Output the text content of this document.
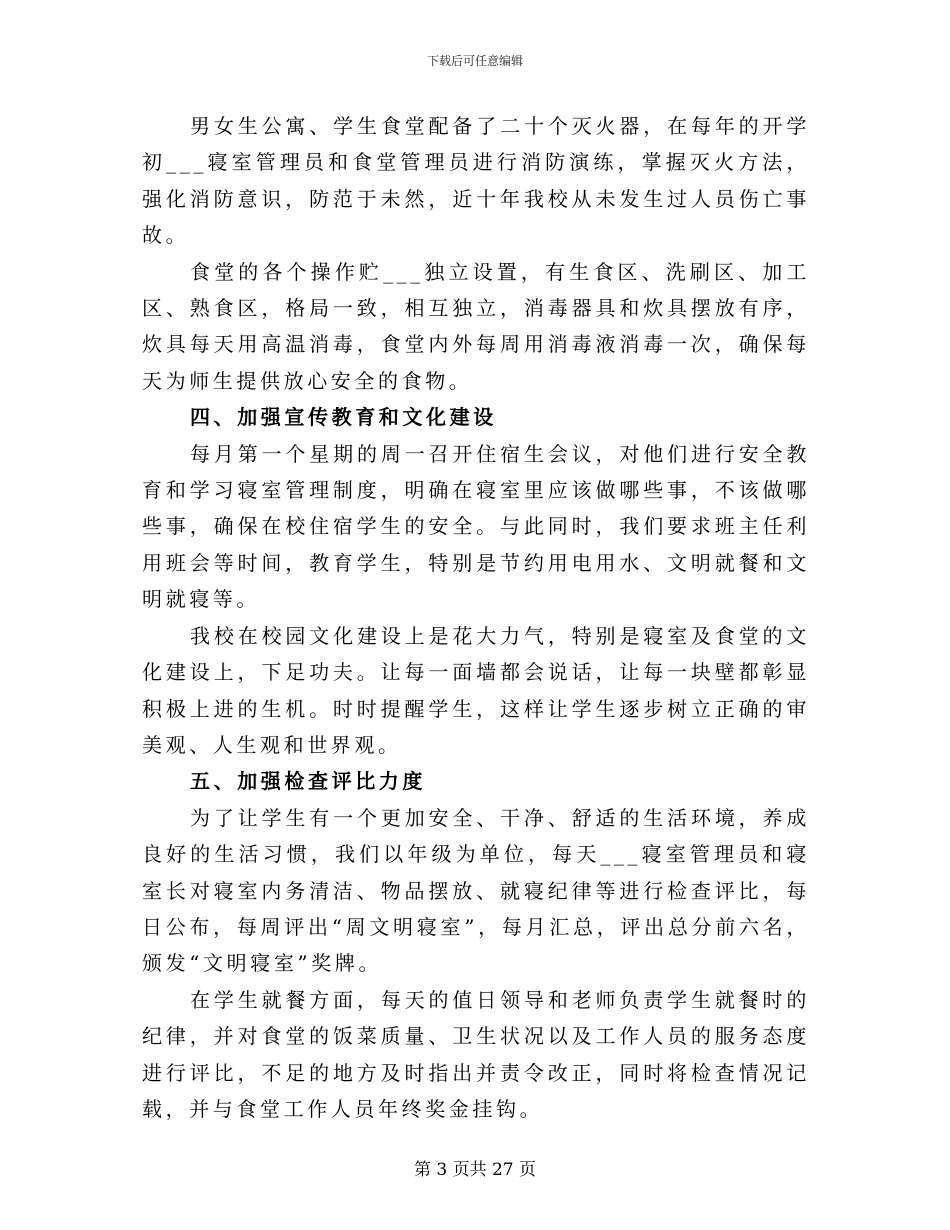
下载后可任意编辑

男女生公寓、学生食堂配备了二十个灭火器，在每年的开学初___寝室管理员和食堂管理员进行消防演练，掌握灭火方法，强化消防意识，防范于未然，近十年我校从未发生过人员伤亡事故。

食堂的各个操作贮___独立设置，有生食区、洗刷区、加工区、熟食区，格局一致，相互独立，消毒器具和炊具摆放有序，炊具每天用高温消毒，食堂内外每周用消毒液消毒一次，确保每天为师生提供放心安全的食物。

四、加强宣传教育和文化建设

每月第一个星期的周一召开住宿生会议，对他们进行安全教育和学习寝室管理制度，明确在寝室里应该做哪些事，不该做哪些事，确保在校住宿学生的安全。与此同时，我们要求班主任利用班会等时间，教育学生，特别是节约用电用水、文明就餐和文明就寝等。

我校在校园文化建设上是花大力气，特别是寝室及食堂的文化建设上，下足功夫。让每一面墙都会说话，让每一块壁都彰显积极上进的生机。时时提醒学生，这样让学生逐步树立正确的审美观、人生观和世界观。

五、加强检查评比力度

为了让学生有一个更加安全、干净、舒适的生活环境，养成良好的生活习惯，我们以年级为单位，每天___寝室管理员和寝室长对寝室内务清洁、物品摆放、就寝纪律等进行检查评比，每日公布，每周评出“周文明寝室”，每月汇总，评出总分前六名，颁发“文明寝室”奖牌。

在学生就餐方面，每天的值日领导和老师负责学生就餐时的纪律，并对食堂的饭菜质量、卫生状况以及工作人员的服务态度进行评比，不足的地方及时指出并责令改正，同时将检查情况记载，并与食堂工作人员年终奖金挂钩。

第 3 页共 27 页
